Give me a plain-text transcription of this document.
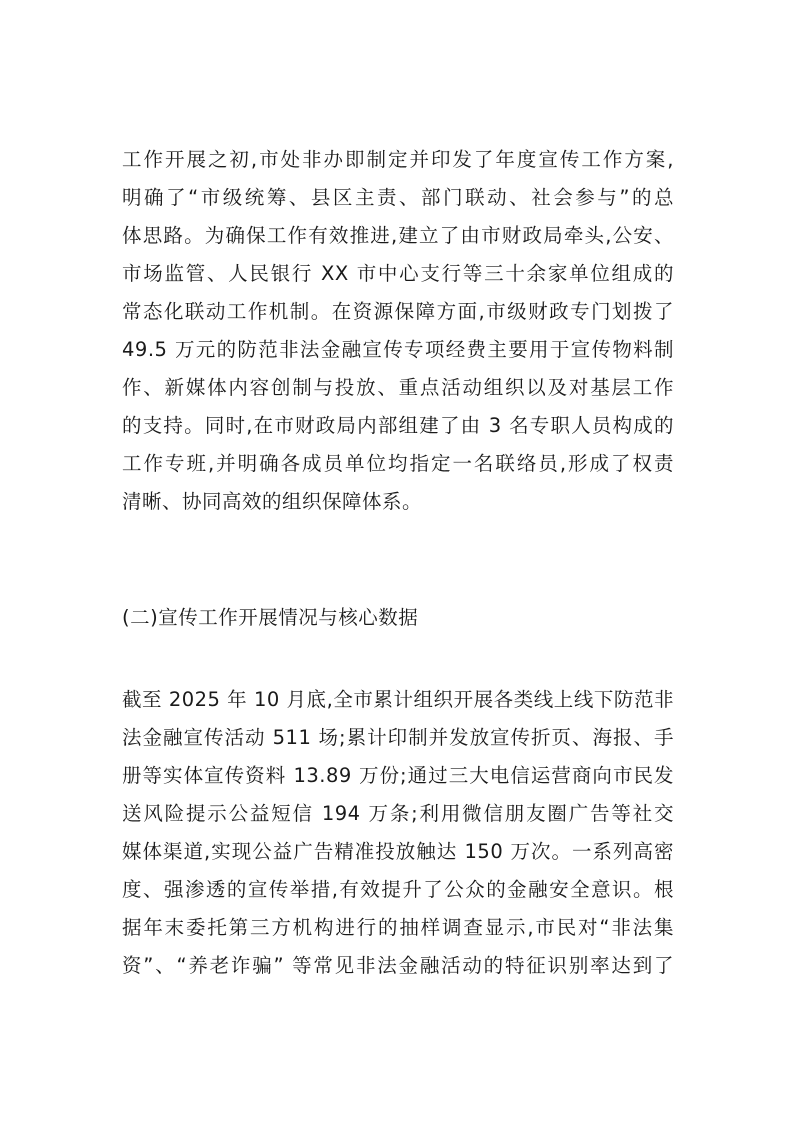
工作开展之初,市处非办即制定并印发了年度宣传工作方案,
明确了“市级统筹、县区主责、部门联动、社会参与”的总
体思路。为确保工作有效推进,建立了由市财政局牵头,公安、
市场监管、人民银行 XX 市中心支行等三十余家单位组成的
常态化联动工作机制。在资源保障方面,市级财政专门划拨了
49.5 万元的防范非法金融宣传专项经费主要用于宣传物料制
作、新媒体内容创制与投放、重点活动组织以及对基层工作
的支持。同时,在市财政局内部组建了由 3 名专职人员构成的
工作专班,并明确各成员单位均指定一名联络员,形成了权责
清晰、协同高效的组织保障体系。
(二)宣传工作开展情况与核心数据
截至 2025 年 10 月底,全市累计组织开展各类线上线下防范非
法金融宣传活动 511 场;累计印制并发放宣传折页、海报、手
册等实体宣传资料 13.89 万份;通过三大电信运营商向市民发
送风险提示公益短信 194 万条;利用微信朋友圈广告等社交
媒体渠道,实现公益广告精准投放触达 150 万次。一系列高密
度、强渗透的宣传举措,有效提升了公众的金融安全意识。根
据年末委托第三方机构进行的抽样调查显示,市民对“非法集
资”、“养老诈骗” 等常见非法金融活动的特征识别率达到了
